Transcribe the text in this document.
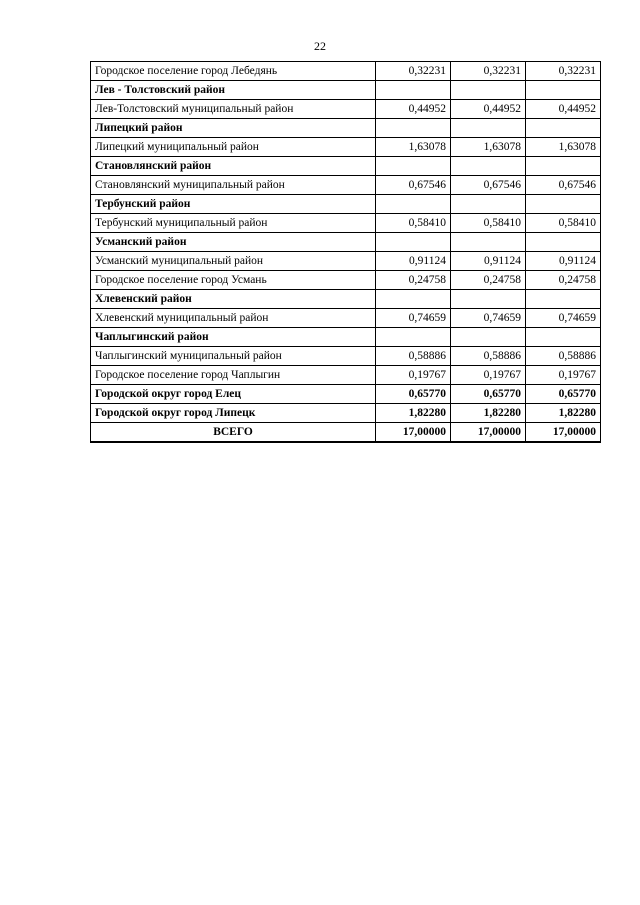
22
Городское поселение город Лебедянь	0,32231	0,32231	0,32231
Лев - Толстовский район			
Лев-Толстовский муниципальный район	0,44952	0,44952	0,44952
Липецкий район			
Липецкий муниципальный район	1,63078	1,63078	1,63078
Становлянский район			
Становлянский муниципальный район	0,67546	0,67546	0,67546
Тербунский район			
Тербунский муниципальный район	0,58410	0,58410	0,58410
Усманский район			
Усманский муниципальный район	0,91124	0,91124	0,91124
Городское поселение город Усмань	0,24758	0,24758	0,24758
Хлевенский район			
Хлевенский муниципальный район	0,74659	0,74659	0,74659
Чаплыгинский район			
Чаплыгинский муниципальный район	0,58886	0,58886	0,58886
Городское поселение город Чаплыгин	0,19767	0,19767	0,19767
Городской округ город Елец	0,65770	0,65770	0,65770
Городской округ город Липецк	1,82280	1,82280	1,82280
ВСЕГО	17,00000	17,00000	17,00000
